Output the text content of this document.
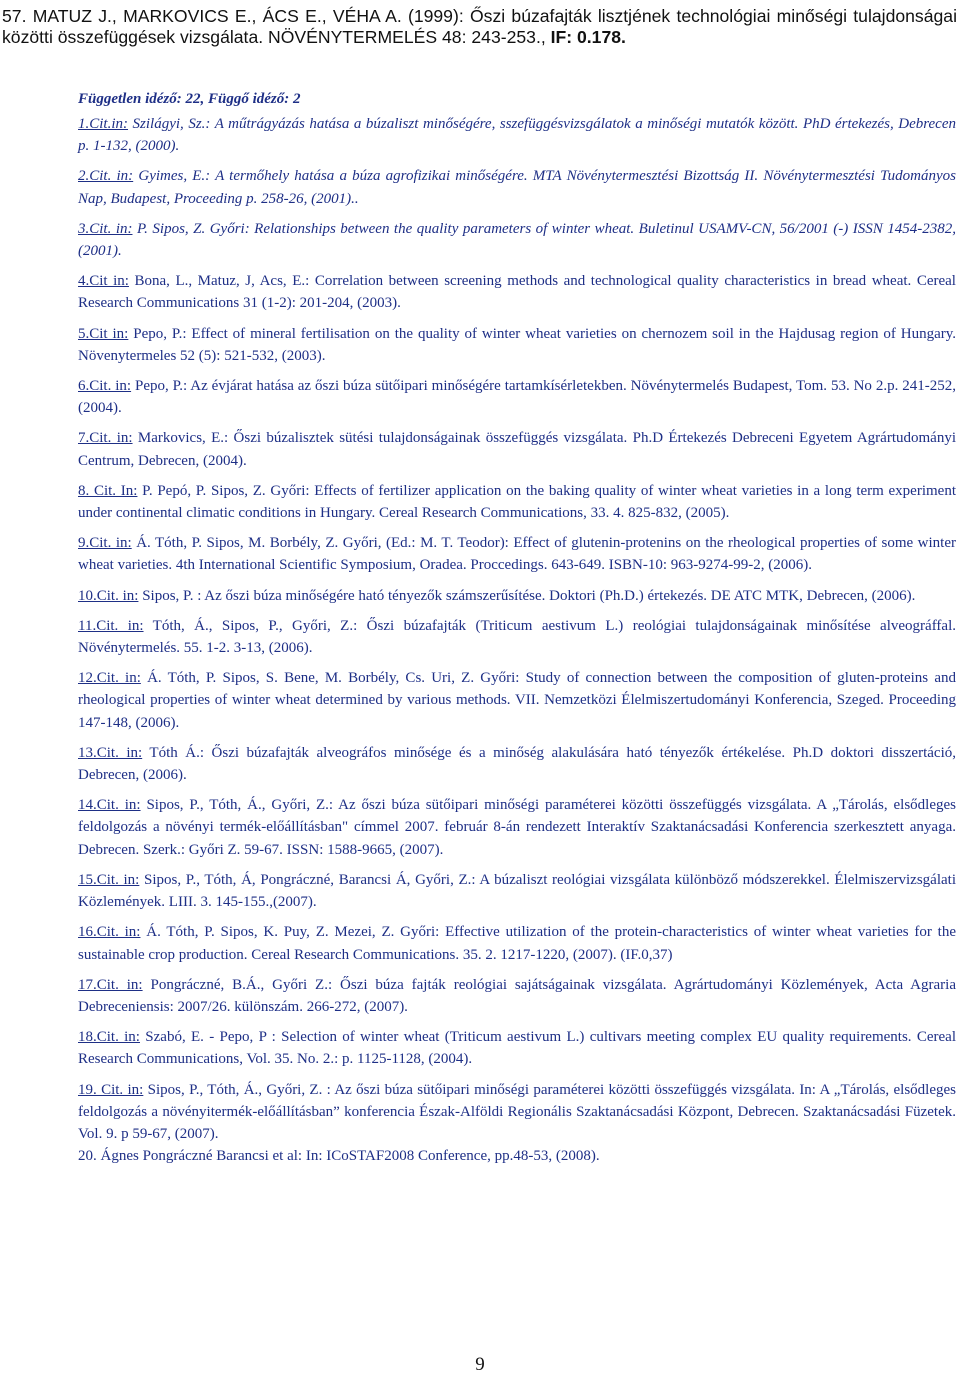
57. MATUZ J., MARKOVICS E., ÁCS E., VÉHA A. (1999): Őszi búzafajták lisztjének technológiai minőségi tulajdonságai közötti összefüggések vizsgálata. NÖVÉNYTERMELÉS 48: 243-253., IF: 0.178.

Független idéző: 22, Függő idéző: 2

1.Cit.in: Szilágyi, Sz.: A műtrágyázás hatása a búzaliszt minőségére, sszefüggésvizsgálatok a minőségi mutatók között. PhD értekezés, Debrecen p. 1-132, (2000).

2.Cit. in: Gyimes, E.: A termőhely hatása a búza agrofizikai minőségére. MTA Növénytermesztési Bizottság II. Növénytermesztési Tudományos Nap, Budapest, Proceeding p. 258-26, (2001)..

3.Cit. in: P. Sipos, Z. Győri: Relationships between the quality parameters of winter wheat. Buletinul USAMV-CN, 56/2001 (-) ISSN 1454-2382, (2001).

4.Cit in: Bona, L., Matuz, J, Acs, E.: Correlation between screening methods and technological quality characteristics in bread wheat. Cereal Research Communications 31 (1-2): 201-204, (2003).

5.Cit in: Pepo, P.: Effect of mineral fertilisation on the quality of winter wheat varieties on chernozem soil in the Hajdusag region of Hungary. Növenytermeles 52 (5): 521-532, (2003).

6.Cit. in: Pepo, P.: Az évjárat hatása az őszi búza sütőipari minőségére tartamkísérletekben. Növénytermelés Budapest, Tom. 53. No 2.p. 241-252, (2004).

7.Cit. in: Markovics, E.: Őszi búzalisztek sütési tulajdonságainak összefüggés vizsgálata. Ph.D Értekezés Debreceni Egyetem Agrártudományi Centrum, Debrecen, (2004).

8. Cit. In: P. Pepó, P. Sipos, Z. Győri: Effects of fertilizer application on the baking quality of winter wheat varieties in a long term experiment under continental climatic conditions in Hungary. Cereal Research Communications, 33. 4. 825-832, (2005).

9.Cit. in: Á. Tóth, P. Sipos, M. Borbély, Z. Győri, (Ed.: M. T. Teodor): Effect of glutenin-protenins on the rheological properties of some winter wheat varieties. 4th International Scientific Symposium, Oradea. Proccedings. 643-649. ISBN-10: 963-9274-99-2, (2006).

10.Cit. in: Sipos, P. : Az őszi búza minőségére ható tényezők számszerűsítése. Doktori (Ph.D.) értekezés. DE ATC MTK, Debrecen, (2006).

11.Cit. in: Tóth, Á., Sipos, P., Győri, Z.: Őszi búzafajták (Triticum aestivum L.) reológiai tulajdonságainak minősítése alveográffal. Növénytermelés. 55. 1-2. 3-13, (2006).

12.Cit. in: Á. Tóth, P. Sipos, S. Bene, M. Borbély, Cs. Uri, Z. Győri: Study of connection between the composition of gluten-proteins and rheological properties of winter wheat determined by various methods. VII. Nemzetközi Élelmiszertudományi Konferencia, Szeged. Proceeding 147-148, (2006).

13.Cit. in: Tóth Á.: Őszi búzafajták alveográfos minősége és a minőség alakulására ható tényezők értékelése. Ph.D doktori disszertáció, Debrecen, (2006).

14.Cit. in: Sipos, P., Tóth, Á., Győri, Z.: Az őszi búza sütőipari minőségi paraméterei közötti összefüggés vizsgálata. A „Tárolás, elsődleges feldolgozás a növényi termék-előállításban" címmel 2007. február 8-án rendezett Interaktív Szaktanácsadási Konferencia szerkesztett anyaga. Debrecen. Szerk.: Győri Z. 59-67. ISSN: 1588-9665, (2007).

15.Cit. in: Sipos, P., Tóth, Á, Pongráczné, Barancsi Á, Győri, Z.: A búzaliszt reológiai vizsgálata különböző módszerekkel. Élelmiszervizsgálati Közlemények. LIII. 3. 145-155.,(2007).

16.Cit. in: Á. Tóth, P. Sipos, K. Puy, Z. Mezei, Z. Győri: Effective utilization of the protein-characteristics of winter wheat varieties for the sustainable crop production. Cereal Research Communications. 35. 2. 1217-1220, (2007). (IF.0,37)

17.Cit. in: Pongráczné, B.Á., Győri Z.: Őszi búza fajták reológiai sajátságainak vizsgálata. Agrártudományi Közlemények, Acta Agraria Debreceniensis: 2007/26. különszám. 266-272, (2007).

18.Cit. in: Szabó, E. - Pepo, P : Selection of winter wheat (Triticum aestivum L.) cultivars meeting complex EU quality requirements. Cereal Research Communications, Vol. 35. No. 2.: p. 1125-1128, (2004).

19. Cit. in: Sipos, P., Tóth, Á., Győri, Z. : Az őszi búza sütőipari minőségi paraméterei közötti összefüggés vizsgálata. In: A „Tárolás, elsődleges feldolgozás a növényitermék-előállításban” konferencia Észak-Alföldi Regionális Szaktanácsadási Központ, Debrecen. Szaktanácsadási Füzetek. Vol. 9. p 59-67, (2007).

20. Ágnes Pongráczné Barancsi et al: In: ICoSTAF2008 Conference, pp.48-53, (2008).

9
